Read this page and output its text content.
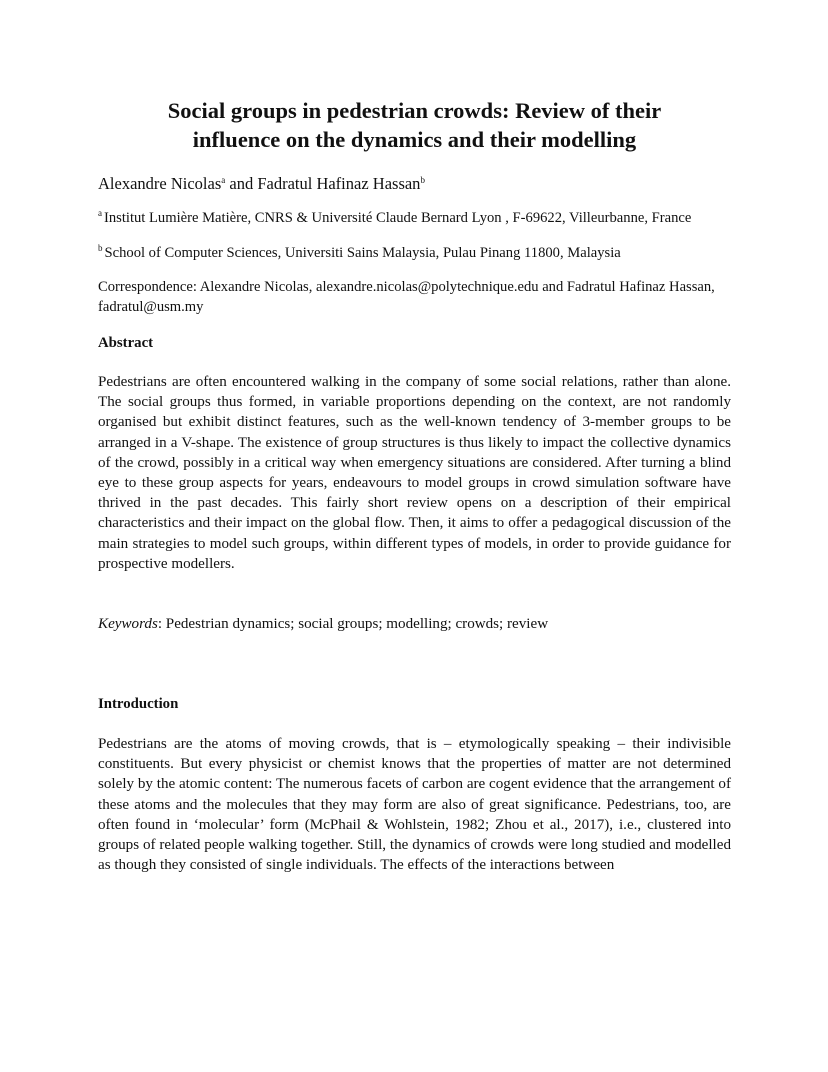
Social groups in pedestrian crowds: Review of their
influence on the dynamics and their modelling
Alexandre Nicolas$^a$ and Fadratul Hafinaz Hassan$^b$
$^a$ Institut Lumière Matière, CNRS & Université Claude Bernard Lyon , F-69622, Villeurbanne, France
$^b$ School of Computer Sciences, Universiti Sains Malaysia, Pulau Pinang 11800, Malaysia
Correspondence: Alexandre Nicolas, alexandre.nicolas@polytechnique.edu and Fadratul Hafinaz Hassan, fadratul@usm.my
Abstract

Pedestrians are often encountered walking in the company of some social relations, rather than alone. The social groups thus formed, in variable proportions depending on the context, are not randomly organised but exhibit distinct features, such as the well-known tendency of 3-member groups to be arranged in a V-shape. The existence of group structures is thus likely to impact the collective dynamics of the crowd, possibly in a critical way when emergency situations are considered. After turning a blind eye to these group aspects for years, endeavours to model groups in crowd simulation software have thrived in the past decades. This fairly short review opens on a description of their empirical characteristics and their impact on the global flow. Then, it aims to offer a pedagogical discussion of the main strategies to model such groups, within different types of models, in order to provide guidance for prospective modellers.

Keywords: Pedestrian dynamics; social groups; modelling; crowds; review
Introduction

Pedestrians are the atoms of moving crowds, that is – etymologically speaking – their indivisible constituents. But every physicist or chemist knows that the properties of matter are not determined solely by the atomic content: The numerous facets of carbon are cogent evidence that the arrangement of these atoms and the molecules that they may form are also of great significance. Pedestrians, too, are often found in ‘molecular’ form (McPhail & Wohlstein, 1982; Zhou et al., 2017), i.e., clustered into groups of related people walking together. Still, the dynamics of crowds were long studied and modelled as though they consisted of single individuals. The effects of the interactions between
